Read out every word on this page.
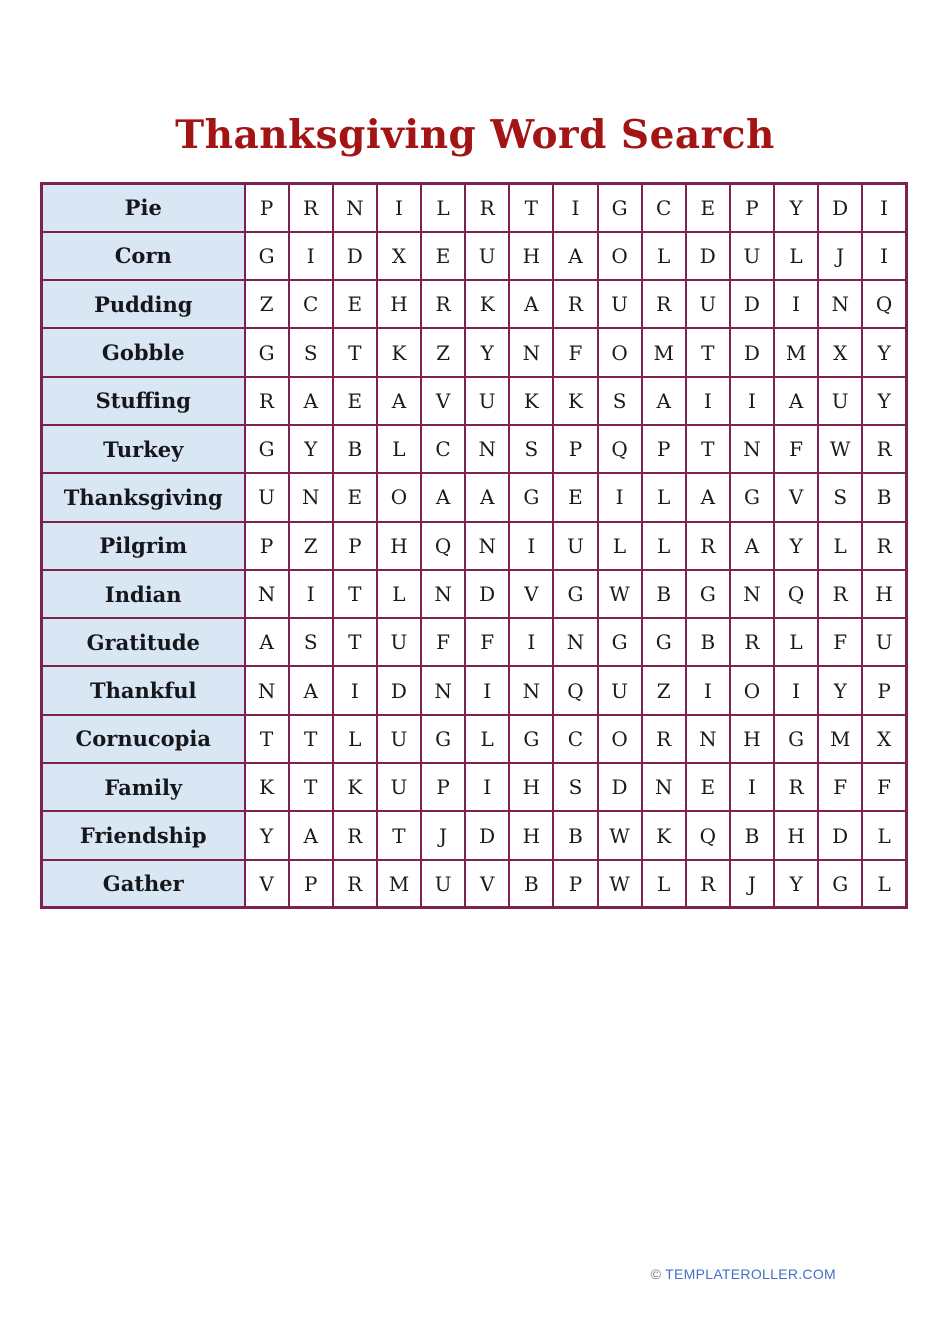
Thanksgiving Word Search
Pie	P	R	N	I	L	R	T	I	G	C	E	P	Y	D	I
Corn	G	I	D	X	E	U	H	A	O	L	D	U	L	J	I
Pudding	Z	C	E	H	R	K	A	R	U	R	U	D	I	N	Q
Gobble	G	S	T	K	Z	Y	N	F	O	M	T	D	M	X	Y
Stuffing	R	A	E	A	V	U	K	K	S	A	I	I	A	U	Y
Turkey	G	Y	B	L	C	N	S	P	Q	P	T	N	F	W	R
Thanksgiving	U	N	E	O	A	A	G	E	I	L	A	G	V	S	B
Pilgrim	P	Z	P	H	Q	N	I	U	L	L	R	A	Y	L	R
Indian	N	I	T	L	N	D	V	G	W	B	G	N	Q	R	H
Gratitude	A	S	T	U	F	F	I	N	G	G	B	R	L	F	U
Thankful	N	A	I	D	N	I	N	Q	U	Z	I	O	I	Y	P
Cornucopia	T	T	L	U	G	L	G	C	O	R	N	H	G	M	X
Family	K	T	K	U	P	I	H	S	D	N	E	I	R	F	F
Friendship	Y	A	R	T	J	D	H	B	W	K	Q	B	H	D	L
Gather	V	P	R	M	U	V	B	P	W	L	R	J	Y	G	L
© TEMPLATEROLLER.COM
